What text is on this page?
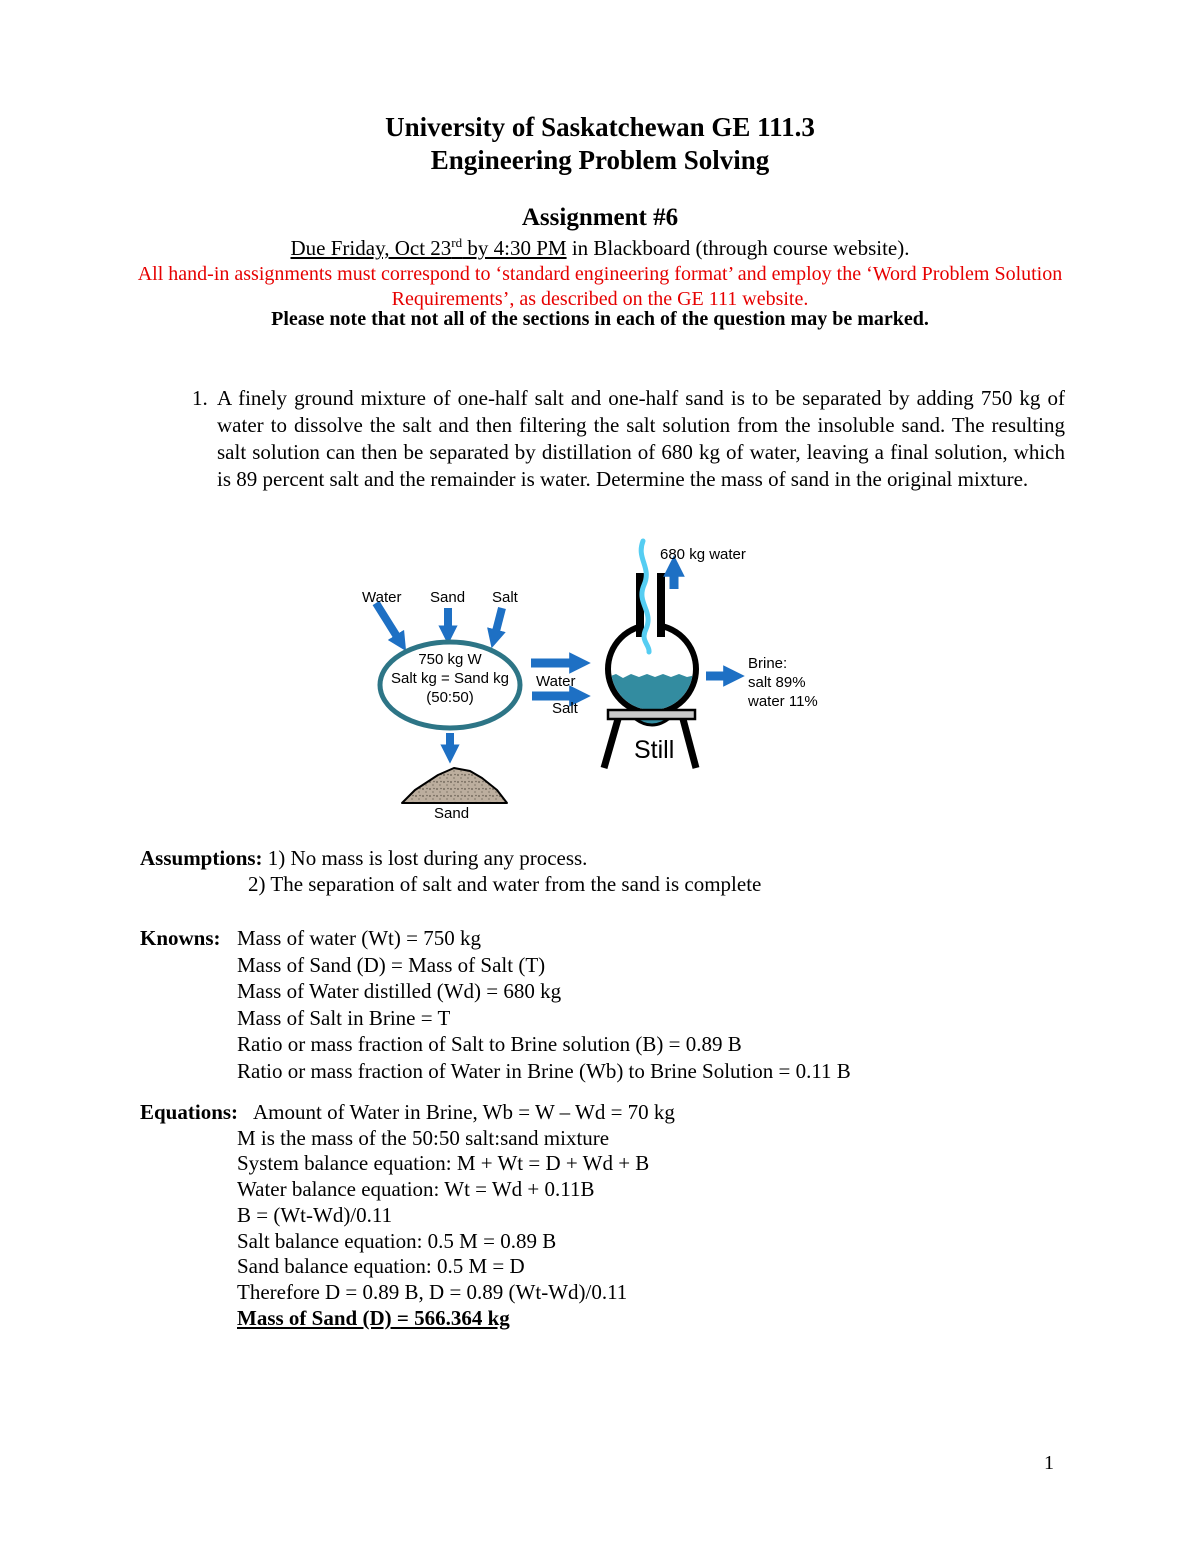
University of Saskatchewan GE 111.3
Engineering Problem Solving
Assignment #6
Due Friday, Oct 23rd by 4:30 PM in Blackboard (through course website).
All hand-in assignments must correspond to ‘standard engineering format’ and employ the ‘Word Problem Solution
Requirements’, as described on the GE 111 website.
Please note that not all of the sections in each of the question may be marked.
1. A finely ground mixture of one-half salt and one-half sand is to be separated by adding 750 kg of water to dissolve the salt and then filtering the salt solution from the insoluble sand. The resulting salt solution can then be separated by distillation of 680 kg of water, leaving a final solution, which is 89 percent salt and the remainder is water. Determine the mass of sand in the original mixture.
Water Sand Salt
750 kg W
Salt kg = Sand kg
(50:50)
Water
Salt
680 kg water
Brine:
salt 89%
water 11%
Still
Sand
Assumptions: 1) No mass is lost during any process.
2) The separation of salt and water from the sand is complete
Knowns: Mass of water (Wt) = 750 kg
Mass of Sand (D) = Mass of Salt (T)
Mass of Water distilled (Wd) = 680 kg
Mass of Salt in Brine = T
Ratio or mass fraction of Salt to Brine solution (B) = 0.89 B
Ratio or mass fraction of Water in Brine (Wb) to Brine Solution = 0.11 B
Equations: Amount of Water in Brine, Wb = W – Wd = 70 kg
M is the mass of the 50:50 salt:sand mixture
System balance equation: M + Wt = D + Wd + B
Water balance equation: Wt = Wd + 0.11B
B = (Wt-Wd)/0.11
Salt balance equation: 0.5 M = 0.89 B
Sand balance equation: 0.5 M = D
Therefore D = 0.89 B, D = 0.89 (Wt-Wd)/0.11
Mass of Sand (D) = 566.364 kg
1
